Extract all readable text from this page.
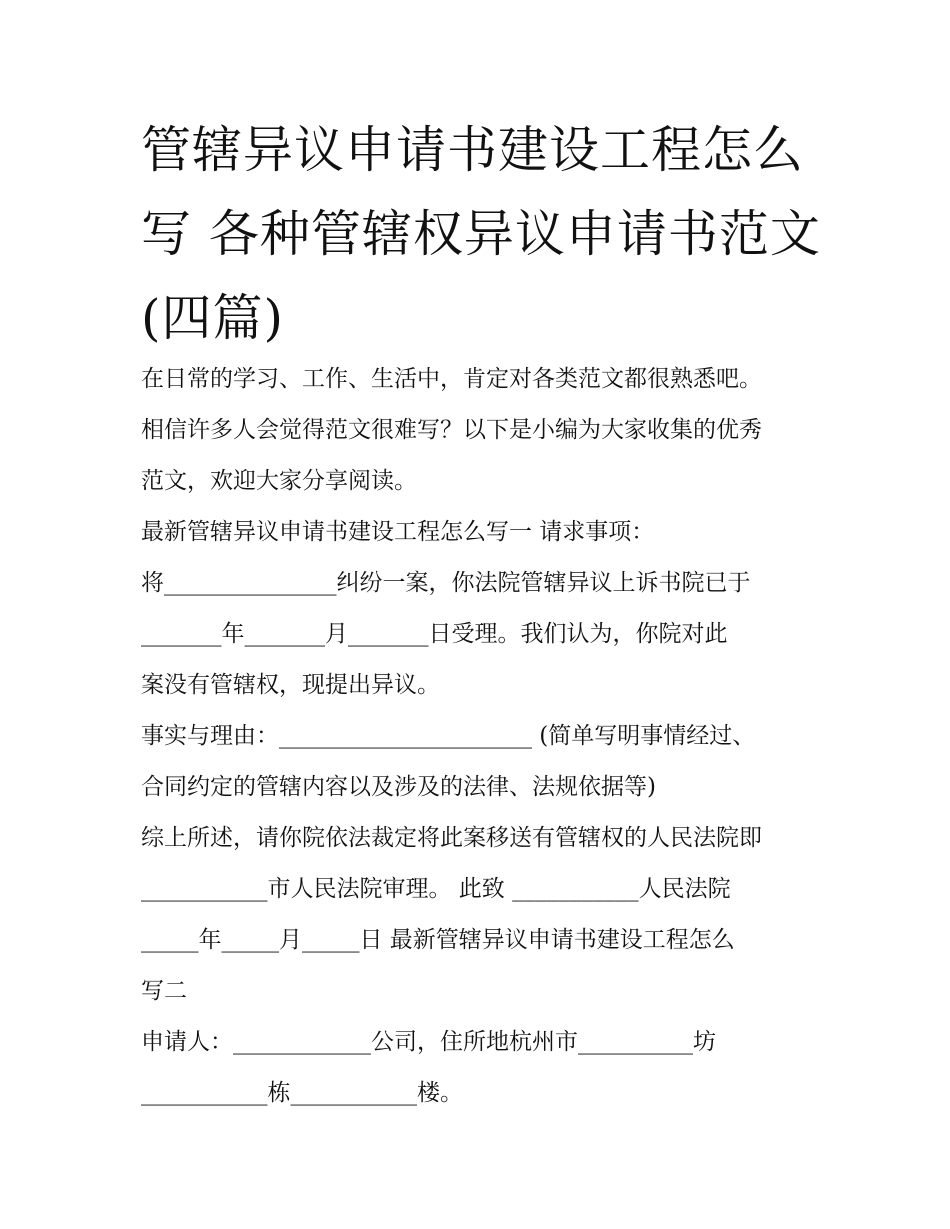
管辖异议申请书建设工程怎么
写 各种管辖权异议申请书范文
(四篇)
在日常的学习、工作、生活中，肯定对各类范文都很熟悉吧。
相信许多人会觉得范文很难写？以下是小编为大家收集的优秀
范文，欢迎大家分享阅读。
最新管辖异议申请书建设工程怎么写一 请求事项：
将_______________纠纷一案，你法院管辖异议上诉书院已于
_______年_______月_______日受理。我们认为，你院对此
案没有管辖权，现提出异议。
事实与理由：______________________ (简单写明事情经过、
合同约定的管辖内容以及涉及的法律、法规依据等)
综上所述，请你院依法裁定将此案移送有管辖权的人民法院即
___________市人民法院审理。 此致 ___________人民法院
_____年_____月_____日 最新管辖异议申请书建设工程怎么
写二
申请人：____________公司，住所地杭州市__________坊
___________栋___________楼。
